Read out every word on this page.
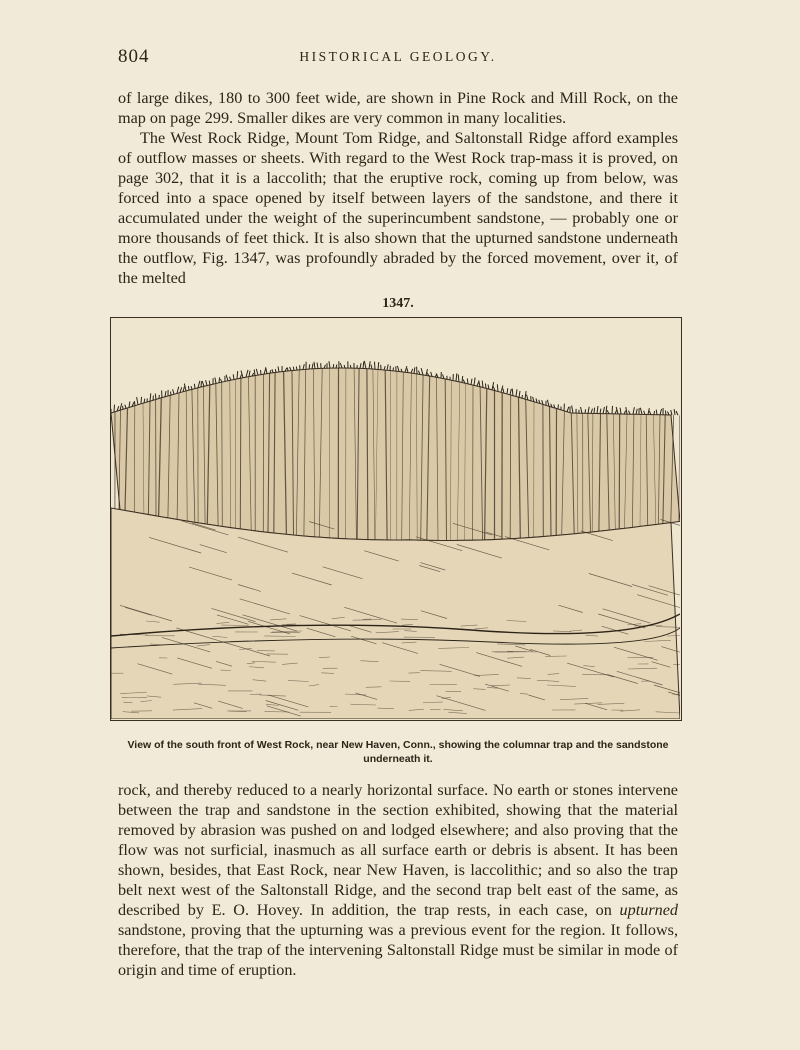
804	HISTORICAL GEOLOGY.

of large dikes, 180 to 300 feet wide, are shown in Pine Rock and Mill Rock, on the map on page 299. Smaller dikes are very common in many localities.

The West Rock Ridge, Mount Tom Ridge, and Saltonstall Ridge afford examples of outflow masses or sheets. With regard to the West Rock trap-mass it is proved, on page 302, that it is a laccolith; that the eruptive rock, coming up from below, was forced into a space opened by itself between layers of the sandstone, and there it accumulated under the weight of the superincumbent sandstone, — probably one or more thousands of feet thick. It is also shown that the upturned sandstone underneath the outflow, Fig. 1347, was profoundly abraded by the forced movement, over it, of the melted

1347.
View of the south front of West Rock, near New Haven, Conn., showing the columnar trap and the sandstone underneath it.

rock, and thereby reduced to a nearly horizontal surface. No earth or stones intervene between the trap and sandstone in the section exhibited, showing that the material removed by abrasion was pushed on and lodged elsewhere; and also proving that the flow was not surficial, inasmuch as all surface earth or debris is absent. It has been shown, besides, that East Rock, near New Haven, is laccolithic; and so also the trap belt next west of the Saltonstall Ridge, and the second trap belt east of the same, as described by E. O. Hovey. In addition, the trap rests, in each case, on upturned sandstone, proving that the upturning was a previous event for the region. It follows, therefore, that the trap of the intervening Saltonstall Ridge must be similar in mode of origin and time of eruption.
